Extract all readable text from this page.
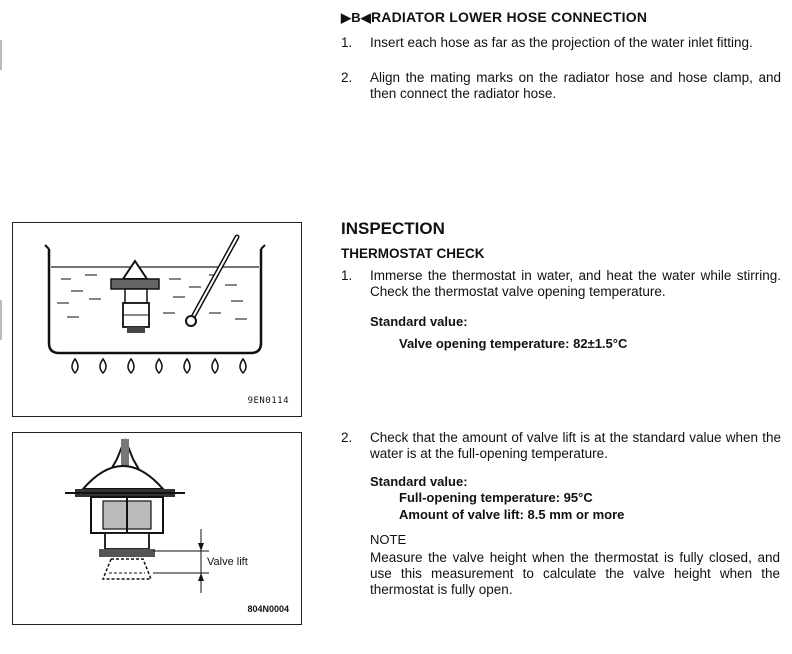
▶B◀RADIATOR LOWER HOSE CONNECTION
1. Insert each hose as far as the projection of the water inlet fitting.
2. Align the mating marks on the radiator hose and hose clamp, and then connect the radiator hose.
INSPECTION
THERMOSTAT CHECK
1. Immerse the thermostat in water, and heat the water while stirring. Check the thermostat valve opening temperature.
Standard value:
Valve opening temperature: 82±1.5°C
2. Check that the amount of valve lift is at the standard value when the water is at the full-opening temperature.
Standard value:
Full-opening temperature: 95°C
Amount of valve lift: 8.5 mm or more
NOTE
Measure the valve height when the thermostat is fully closed, and use this measurement to calculate the valve height when the thermostat is fully open.
9EN0114
Valve lift
804N0004
